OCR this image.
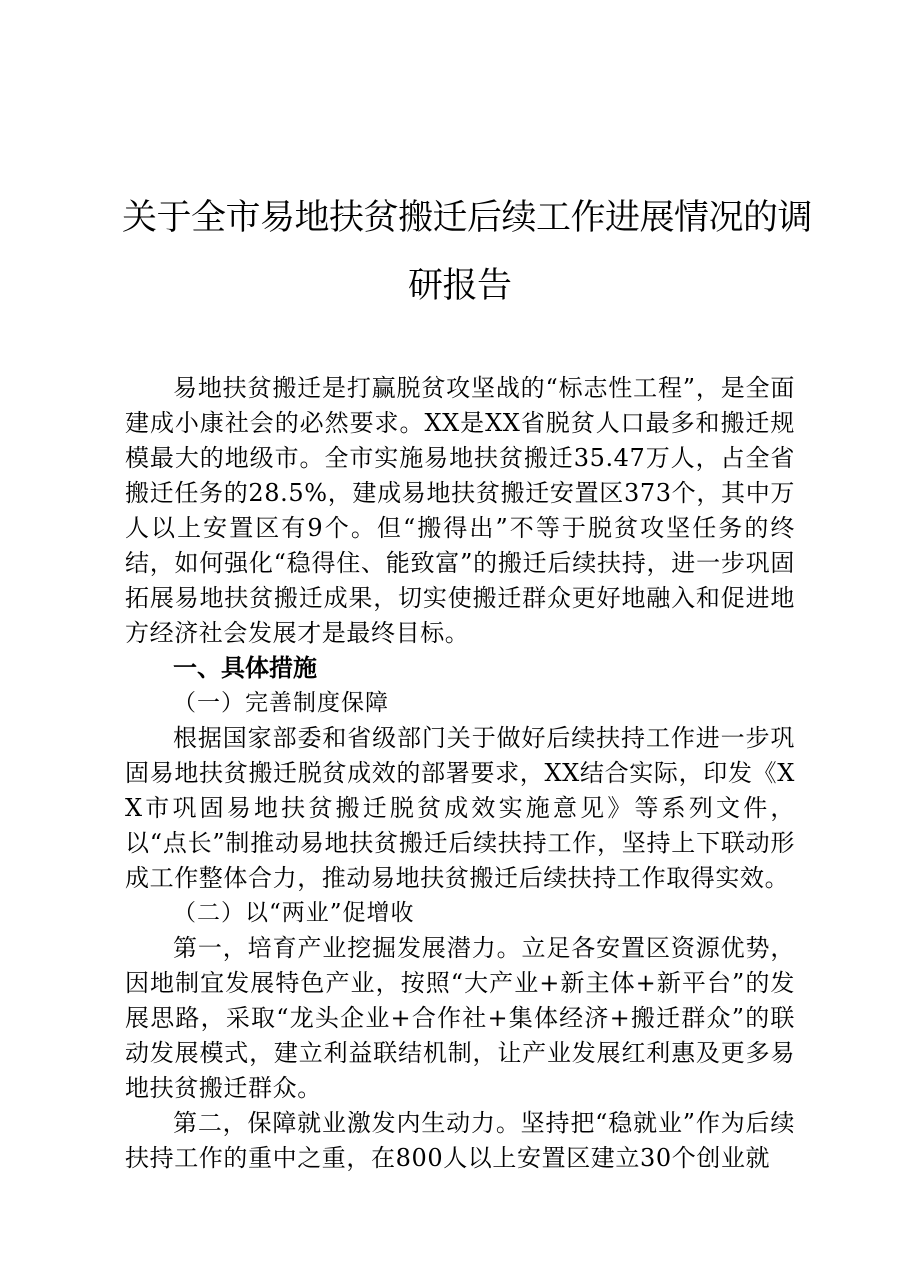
关于全市易地扶贫搬迁后续工作进展情况的调
研报告

易地扶贫搬迁是打赢脱贫攻坚战的“标志性工程”，是全面建成小康社会的必然要求。XX是XX省脱贫人口最多和搬迁规模最大的地级市。全市实施易地扶贫搬迁35.47万人，占全省搬迁任务的28.5%，建成易地扶贫搬迁安置区373个，其中万人以上安置区有9个。但“搬得出”不等于脱贫攻坚任务的终结，如何强化“稳得住、能致富”的搬迁后续扶持，进一步巩固拓展易地扶贫搬迁成果，切实使搬迁群众更好地融入和促进地方经济社会发展才是最终目标。

一、具体措施

（一）完善制度保障

根据国家部委和省级部门关于做好后续扶持工作进一步巩固易地扶贫搬迁脱贫成效的部署要求，XX结合实际，印发《XX市巩固易地扶贫搬迁脱贫成效实施意见》等系列文件，以“点长”制推动易地扶贫搬迁后续扶持工作，坚持上下联动形成工作整体合力，推动易地扶贫搬迁后续扶持工作取得实效。

（二）以“两业”促增收

第一，培育产业挖掘发展潜力。立足各安置区资源优势，因地制宜发展特色产业，按照“大产业+新主体+新平台”的发展思路，采取“龙头企业+合作社+集体经济+搬迁群众”的联动发展模式，建立利益联结机制，让产业发展红利惠及更多易地扶贫搬迁群众。

第二，保障就业激发内生动力。坚持把“稳就业”作为后续扶持工作的重中之重，在800人以上安置区建立30个创业就
